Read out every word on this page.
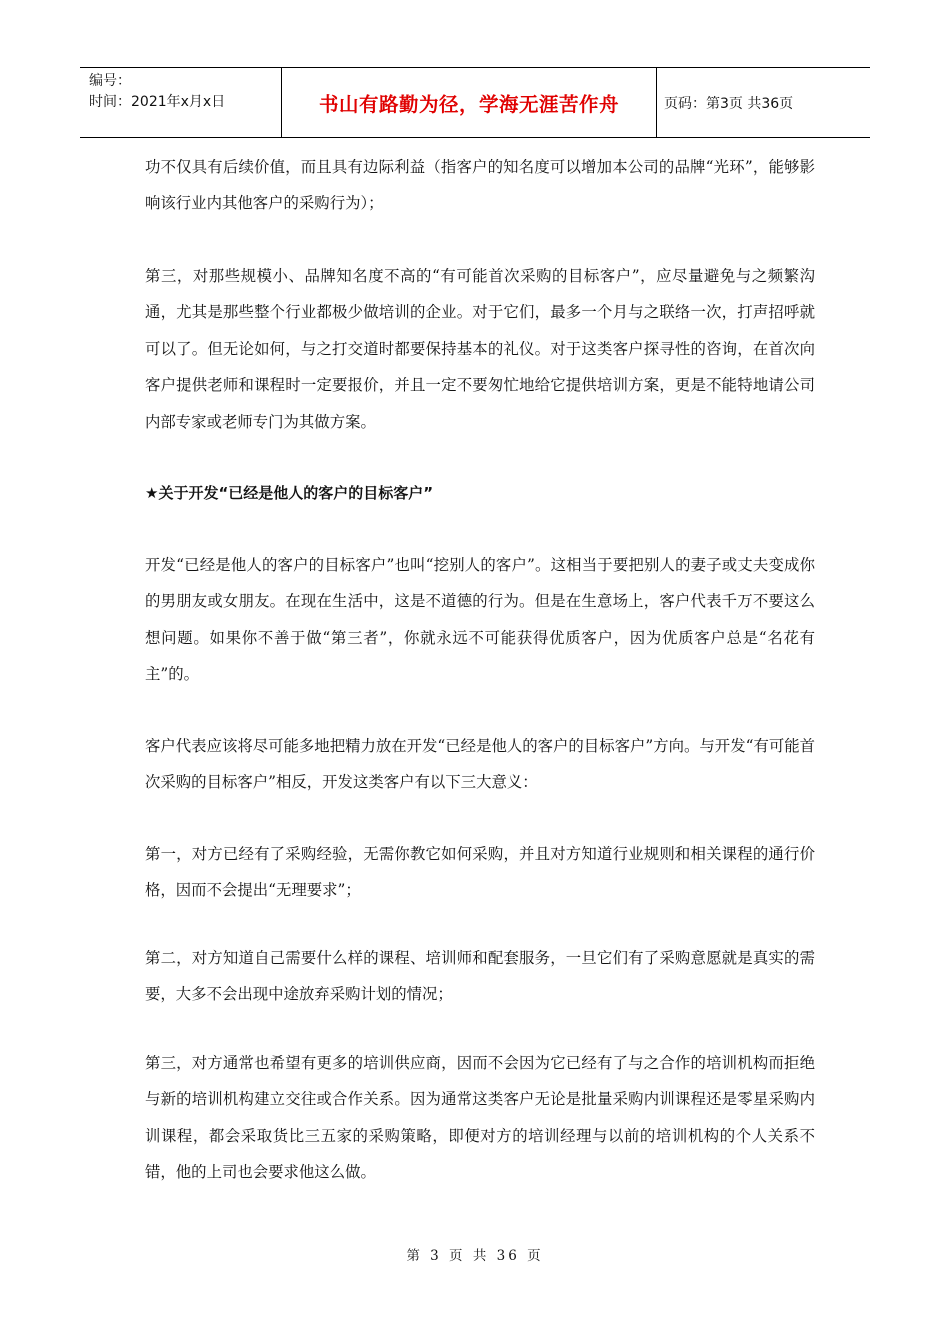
编号：
时间：2021年x月x日	书山有路勤为径，学海无涯苦作舟	页码：第3页 共36页

功不仅具有后续价值，而且具有边际利益（指客户的知名度可以增加本公司的品牌“光环”，能够影响该行业内其他客户的采购行为）；

第三，对那些规模小、品牌知名度不高的“有可能首次采购的目标客户”，应尽量避免与之频繁沟通，尤其是那些整个行业都极少做培训的企业。对于它们，最多一个月与之联络一次，打声招呼就可以了。但无论如何，与之打交道时都要保持基本的礼仪。对于这类客户探寻性的咨询，在首次向客户提供老师和课程时一定要报价，并且一定不要匆忙地给它提供培训方案，更是不能特地请公司内部专家或老师专门为其做方案。

★关于开发“已经是他人的客户的目标客户”

开发“已经是他人的客户的目标客户”也叫“挖别人的客户”。这相当于要把别人的妻子或丈夫变成你的男朋友或女朋友。在现在生活中，这是不道德的行为。但是在生意场上，客户代表千万不要这么想问题。如果你不善于做“第三者”，你就永远不可能获得优质客户，因为优质客户总是“名花有主”的。

客户代表应该将尽可能多地把精力放在开发“已经是他人的客户的目标客户”方向。与开发“有可能首次采购的目标客户”相反，开发这类客户有以下三大意义：

第一，对方已经有了采购经验，无需你教它如何采购，并且对方知道行业规则和相关课程的通行价格，因而不会提出“无理要求”；

第二，对方知道自己需要什么样的课程、培训师和配套服务，一旦它们有了采购意愿就是真实的需要，大多不会出现中途放弃采购计划的情况；

第三，对方通常也希望有更多的培训供应商，因而不会因为它已经有了与之合作的培训机构而拒绝与新的培训机构建立交往或合作关系。因为通常这类客户无论是批量采购内训课程还是零星采购内训课程，都会采取货比三五家的采购策略，即便对方的培训经理与以前的培训机构的个人关系不错，他的上司也会要求他这么做。

第 3 页 共 36 页
